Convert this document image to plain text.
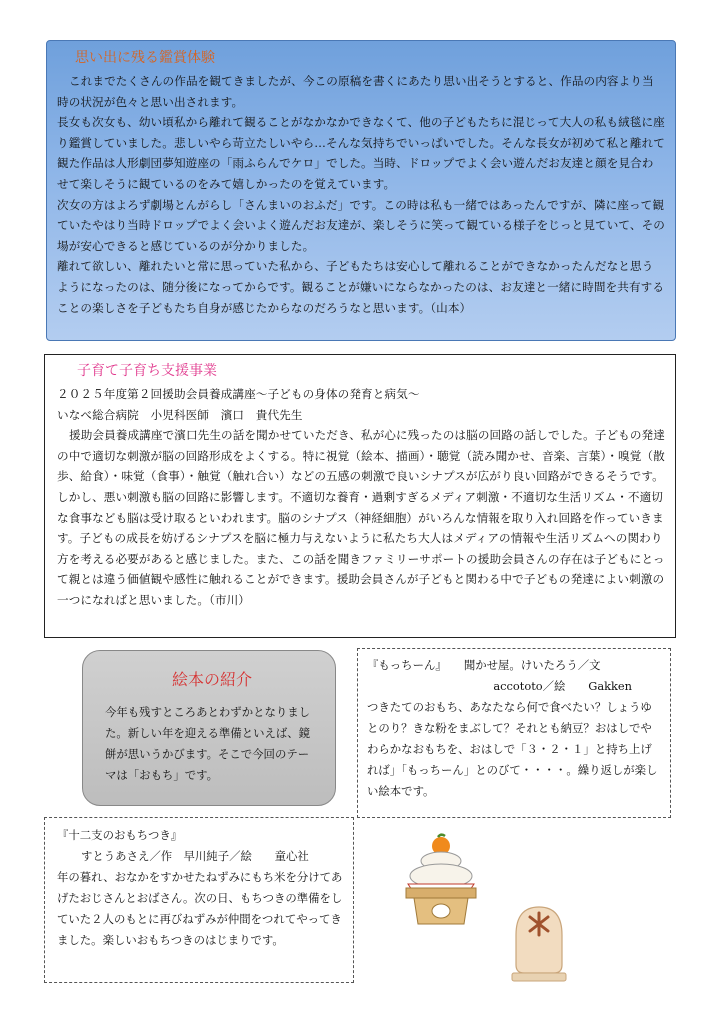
思い出に残る鑑賞体験

これまでたくさんの作品を観てきましたが、今この原稿を書くにあたり思い出そうとすると、作品の内容より当時の状況が色々と思い出されます。

長女も次女も、幼い頃私から離れて観ることがなかなかできなくて、他の子どもたちに混じって大人の私も絨毯に座り鑑賞していました。悲しいやら苛立たしいやら…そんな気持ちでいっぱいでした。そんな長女が初めて私と離れて観た作品は人形劇団夢知遊座の「雨ふらんでケロ」でした。当時、ドロップでよく会い遊んだお友達と顔を見合わせて楽しそうに観ているのをみて嬉しかったのを覚えています。

次女の方はよろず劇場とんがらし「さんまいのおふだ」です。この時は私も一緒ではあったんですが、隣に座って観ていたやはり当時ドロップでよく会いよく遊んだお友達が、楽しそうに笑って観ている様子をじっと見ていて、その場が安心できると感じているのが分かりました。

離れて欲しい、離れたいと常に思っていた私から、子どもたちは安心して離れることができなかったんだなと思うようになったのは、随分後になってからです。観ることが嫌いにならなかったのは、お友達と一緒に時間を共有することの楽しさを子どもたち自身が感じたからなのだろうなと思います。（山本）

子育て子育ち支援事業

２０２５年度第２回援助会員養成講座～子どもの身体の発育と病気～

いなべ総合病院　小児科医師　濱口　貴代先生

援助会員養成講座で濱口先生の話を聞かせていただき、私が心に残ったのは脳の回路の話しでした。子どもの発達の中で適切な刺激が脳の回路形成をよくする。特に視覚（絵本、描画）・聴覚（読み聞かせ、音楽、言葉）・嗅覚（散歩、給食）・味覚（食事）・触覚（触れ合い）などの五感の刺激で良いシナプスが広がり良い回路ができるそうです。しかし、悪い刺激も脳の回路に影響します。不適切な養育・過剰すぎるメディア刺激・不適切な生活リズム・不適切な食事なども脳は受け取るといわれます。脳のシナプス（神経細胞）がいろんな情報を取り入れ回路を作っていきます。子どもの成長を妨げるシナプスを脳に極力与えないように私たち大人はメディアの情報や生活リズムへの関わり方を考える必要があると感じました。また、この話を聞きファミリーサポートの援助会員さんの存在は子どもにとって親とは違う価値観や感性に触れることができます。援助会員さんが子どもと関わる中で子どもの発達によい刺激の一つになればと思いました。（市川）

絵本の紹介

今年も残すところあとわずかとなりました。新しい年を迎える準備といえば、鏡餅が思いうかびます。そこで今回のテーマは「おもち」です。

『もっちーん』　　聞かせ屋。けいたろう／文

accototo／絵　　Gakken

つきたてのおもち、あなたなら何で食べたい？しょうゆとのり？きな粉をまぶして？それとも納豆？おはしでやわらかなおもちを、おはしで「３・２・１」と持ち上げれば」「もっちーん」とのびて・・・・。繰り返しが楽しい絵本です。

『十二支のおもちつき』

すとうあさえ／作　早川純子／絵　　童心社

年の暮れ、おなかをすかせたねずみにもち米を分けてあげたおじさんとおばさん。次の日、もちつきの準備をしていた２人のもとに再びねずみが仲間をつれてやってきました。楽しいおもちつきのはじまりです。
